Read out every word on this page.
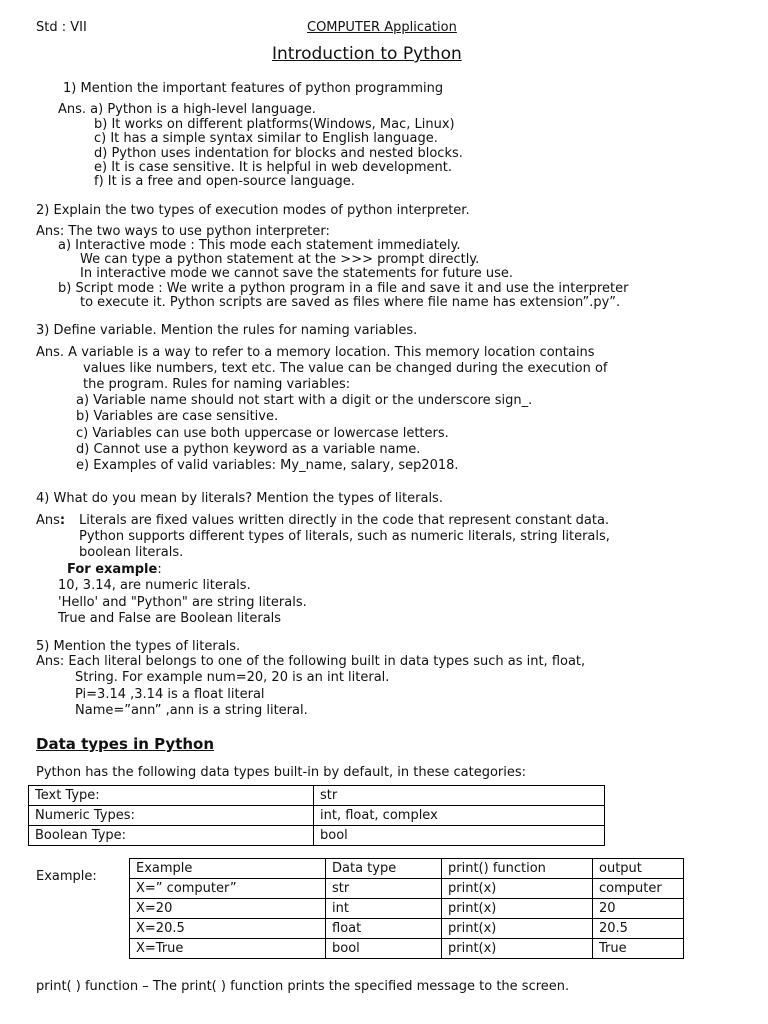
Std : VII	COMPUTER Application
Introduction to Python
1) Mention the important features of python programming
Ans. a) Python is a high-level language.
b) It works on different platforms(Windows, Mac, Linux)
c) It has a simple syntax similar to English language.
d) Python uses indentation for blocks and nested blocks.
e) It is case sensitive. It is helpful in web development.
f) It is a free and open-source language.
2) Explain the two types of execution modes of python interpreter.
Ans: The two ways to use python interpreter:
a) Interactive mode : This mode each statement immediately.
We can type a python statement at the >>> prompt directly.
In interactive mode we cannot save the statements for future use.
b) Script mode : We write a python program in a file and save it and use the interpreter
to execute it. Python scripts are saved as files where file name has extension”.py”.
3) Define variable. Mention the rules for naming variables.
Ans. A variable is a way to refer to a memory location. This memory location contains
values like numbers, text etc. The value can be changed during the execution of
the program. Rules for naming variables:
a) Variable name should not start with a digit or the underscore sign_.
b) Variables are case sensitive.
c) Variables can use both uppercase or lowercase letters.
d) Cannot use a python keyword as a variable name.
e) Examples of valid variables: My_name, salary, sep2018.
4) What do you mean by literals? Mention the types of literals.
Ans: Literals are fixed values written directly in the code that represent constant data.
Python supports different types of literals, such as numeric literals, string literals,
boolean literals.
For example:
10, 3.14, are numeric literals.
'Hello' and "Python" are string literals.
True and False are Boolean literals
5) Mention the types of literals.
Ans: Each literal belongs to one of the following built in data types such as int, float,
String. For example num=20, 20 is an int literal.
Pi=3.14 ,3.14 is a float literal
Name=”ann” ,ann is a string literal.
Data types in Python
Python has the following data types built-in by default, in these categories:
Text Type:	str
Numeric Types:	int, float, complex
Boolean Type:	bool
Example:
Example	Data type	print() function	output
X=” computer”	str	print(x)	computer
X=20	int	print(x)	20
X=20.5	float	print(x)	20.5
X=True	bool	print(x)	True
print( ) function – The print( ) function prints the specified message to the screen.
